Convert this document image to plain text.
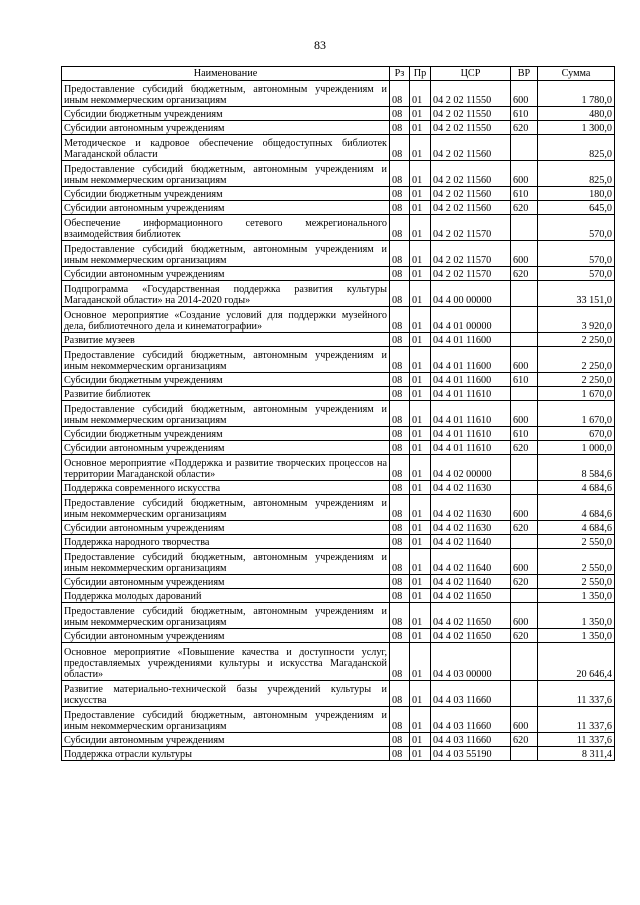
83
Наименование	Рз	Пр	ЦСР	ВР	Сумма
Предоставление субсидий бюджетным, автономным учреждениям и иным некоммерческим организациям	08	01	04 2 02 11550	600	1 780,0
Субсидии бюджетным учреждениям	08	01	04 2 02 11550	610	480,0
Субсидии автономным учреждениям	08	01	04 2 02 11550	620	1 300,0
Методическое и кадровое обеспечение общедоступных библиотек Магаданской области	08	01	04 2 02 11560		825,0
Предоставление субсидий бюджетным, автономным учреждениям и иным некоммерческим организациям	08	01	04 2 02 11560	600	825,0
Субсидии бюджетным учреждениям	08	01	04 2 02 11560	610	180,0
Субсидии автономным учреждениям	08	01	04 2 02 11560	620	645,0
Обеспечение информационного сетевого межрегионального взаимодействия библиотек	08	01	04 2 02 11570		570,0
Предоставление субсидий бюджетным, автономным учреждениям и иным некоммерческим организациям	08	01	04 2 02 11570	600	570,0
Субсидии автономным учреждениям	08	01	04 2 02 11570	620	570,0
Подпрограмма «Государственная поддержка развития культуры Магаданской области» на 2014-2020 годы»	08	01	04 4 00 00000		33 151,0
Основное мероприятие «Создание условий для поддержки музейного дела, библиотечного дела и кинематографии»	08	01	04 4 01 00000		3 920,0
Развитие музеев	08	01	04 4 01 11600		2 250,0
Предоставление субсидий бюджетным, автономным учреждениям и иным некоммерческим организациям	08	01	04 4 01 11600	600	2 250,0
Субсидии бюджетным учреждениям	08	01	04 4 01 11600	610	2 250,0
Развитие библиотек	08	01	04 4 01 11610		1 670,0
Предоставление субсидий бюджетным, автономным учреждениям и иным некоммерческим организациям	08	01	04 4 01 11610	600	1 670,0
Субсидии бюджетным учреждениям	08	01	04 4 01 11610	610	670,0
Субсидии автономным учреждениям	08	01	04 4 01 11610	620	1 000,0
Основное мероприятие «Поддержка и развитие творческих процессов на территории Магаданской области»	08	01	04 4 02 00000		8 584,6
Поддержка современного искусства	08	01	04 4 02 11630		4 684,6
Предоставление субсидий бюджетным, автономным учреждениям и иным некоммерческим организациям	08	01	04 4 02 11630	600	4 684,6
Субсидии автономным учреждениям	08	01	04 4 02 11630	620	4 684,6
Поддержка народного творчества	08	01	04 4 02 11640		2 550,0
Предоставление субсидий бюджетным, автономным учреждениям и иным некоммерческим организациям	08	01	04 4 02 11640	600	2 550,0
Субсидии автономным учреждениям	08	01	04 4 02 11640	620	2 550,0
Поддержка молодых дарований	08	01	04 4 02 11650		1 350,0
Предоставление субсидий бюджетным, автономным учреждениям и иным некоммерческим организациям	08	01	04 4 02 11650	600	1 350,0
Субсидии автономным учреждениям	08	01	04 4 02 11650	620	1 350,0
Основное мероприятие «Повышение качества и доступности услуг, предоставляемых учреждениями культуры и искусства Магаданской области»	08	01	04 4 03 00000		20 646,4
Развитие материально-технической базы учреждений культуры и искусства	08	01	04 4 03 11660		11 337,6
Предоставление субсидий бюджетным, автономным учреждениям и иным некоммерческим организациям	08	01	04 4 03 11660	600	11 337,6
Субсидии автономным учреждениям	08	01	04 4 03 11660	620	11 337,6
Поддержка отрасли культуры	08	01	04 4 03 55190		8 311,4
